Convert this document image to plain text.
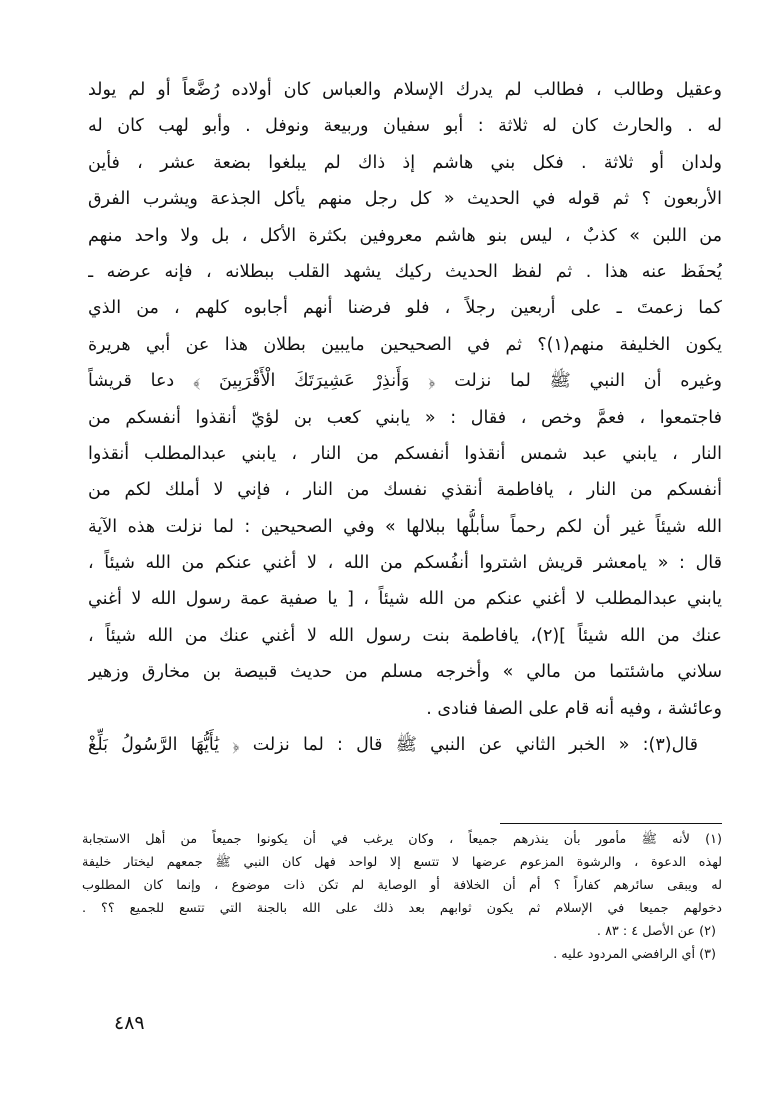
وعقيل وطالب ، فطالب لم يدرك الإسلام والعباس كان أولاده رُضَّعاً أو لم يولد
له . والحارث كان له ثلاثة : أبو سفيان وربيعة ونوفل . وأبو لهب كان له
ولدان أو ثلاثة . فكل بني هاشم إذ ذاك لم يبلغوا بضعة عشر ، فأين
الأربعون ؟ ثم قوله في الحديث « كل رجل منهم يأكل الجذعة ويشرب الفرق
من اللبن » كذبٌ ، ليس بنو هاشم معروفين بكثرة الأكل ، بل ولا واحد منهم
يُحفَظ عنه هذا . ثم لفظ الحديث ركيك يشهد القلب ببطلانه ، فإنه عرضه ـ
كما زعمتَ ـ على أربعين رجلاً ، فلو فرضنا أنهم أجابوه كلهم ، من الذي
يكون الخليفة منهم(١)؟ ثم في الصحيحين مايبين بطلان هذا عن أبي هريرة
وغيره أن النبي ﷺ لما نزلت ﴿ وَأَنذِرْ عَشِيرَتَكَ الْأَقْرَبِينَ ﴾ دعا قريشاً
فاجتمعوا ، فعمَّ وخص ، فقال : « يابني كعب بن لؤيّ أنقذوا أنفسكم من
النار ، يابني عبد شمس أنقذوا أنفسكم من النار ، يابني عبدالمطلب أنقذوا
أنفسكم من النار ، يافاطمة أنقذي نفسك من النار ، فإني لا أملك لكم من
الله شيئاً غير أن لكم رحماً سأبلُّها ببلالها » وفي الصحيحين : لما نزلت هذه الآية
قال : « يامعشر قريش اشتروا أنفُسكم من الله ، لا أغني عنكم من الله شيئاً ،
يابني عبدالمطلب لا أغني عنكم من الله شيئاً ، [ يا صفية عمة رسول الله لا أغني
عنك من الله شيئاً ](٢)، يافاطمة بنت رسول الله لا أغني عنك من الله شيئاً ،
سلاني ماشئتما من مالي » وأخرجه مسلم من حديث قبيصة بن مخارق وزهير
وعائشة ، وفيه أنه قام على الصفا فنادى .
قال(٣): « الخبر الثاني عن النبي ﷺ قال : لما نزلت ﴿ يَٰأَيُّهَا الرَّسُولُ بَلِّغْ
(١) لأنه ﷺ مأمور بأن ينذرهم جميعاً ، وكان يرغب في أن يكونوا جميعاً من أهل الاستجابة
لهذه الدعوة ، والرشوة المزعوم عرضها لا تتسع إلا لواحد فهل كان النبي ﷺ جمعهم ليختار خليفة
له ويبقى سائرهم كفاراً ؟ أم أن الخلافة أو الوصاية لم تكن ذات موضوع ، وإنما كان المطلوب
دخولهم جميعا في الإسلام ثم يكون ثوابهم بعد ذلك على الله بالجنة التي تتسع للجميع ؟؟ .
(٢) عن الأصل ٤ : ٨٣ .
(٣) أي الرافضي المردود عليه .
٤٨٩
